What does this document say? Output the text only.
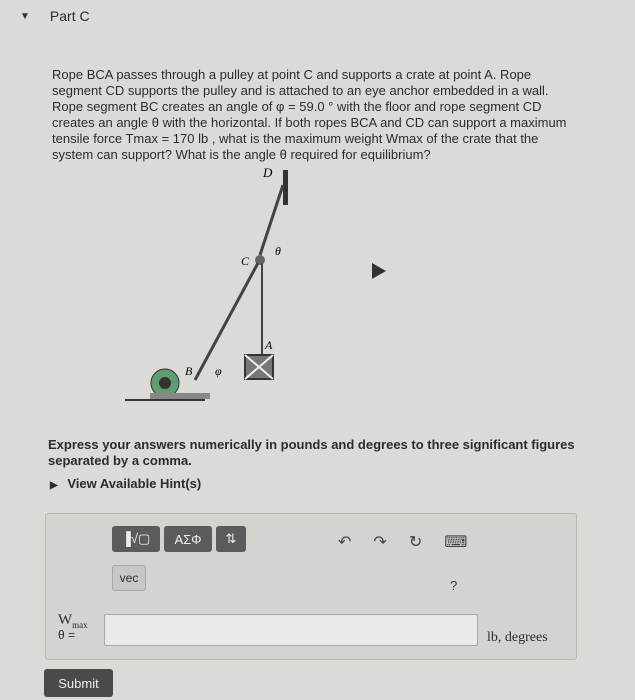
▼ Part C
Rope BCA passes through a pulley at point C and supports a crate at point A. Rope
segment CD supports the pulley and is attached to an eye anchor embedded in a wall.
Rope segment BC creates an angle of φ = 59.0 ° with the floor and rope segment CD
creates an angle θ with the horizontal. If both ropes BCA and CD can support a maximum
tensile force Tmax = 170 lb , what is the maximum weight Wmax of the crate that the
system can support? What is the angle θ required for equilibrium?
D
C
B
A
θ
φ
Express your answers numerically in pounds and degrees to three significant figures separated by a comma.
▶ View Available Hint(s)
▐√▢	ΑΣΦ	⇅
vec
↶ ↷ ↻ ⌨
?
$W_{max}$
θ =	lb, degrees
Submit
